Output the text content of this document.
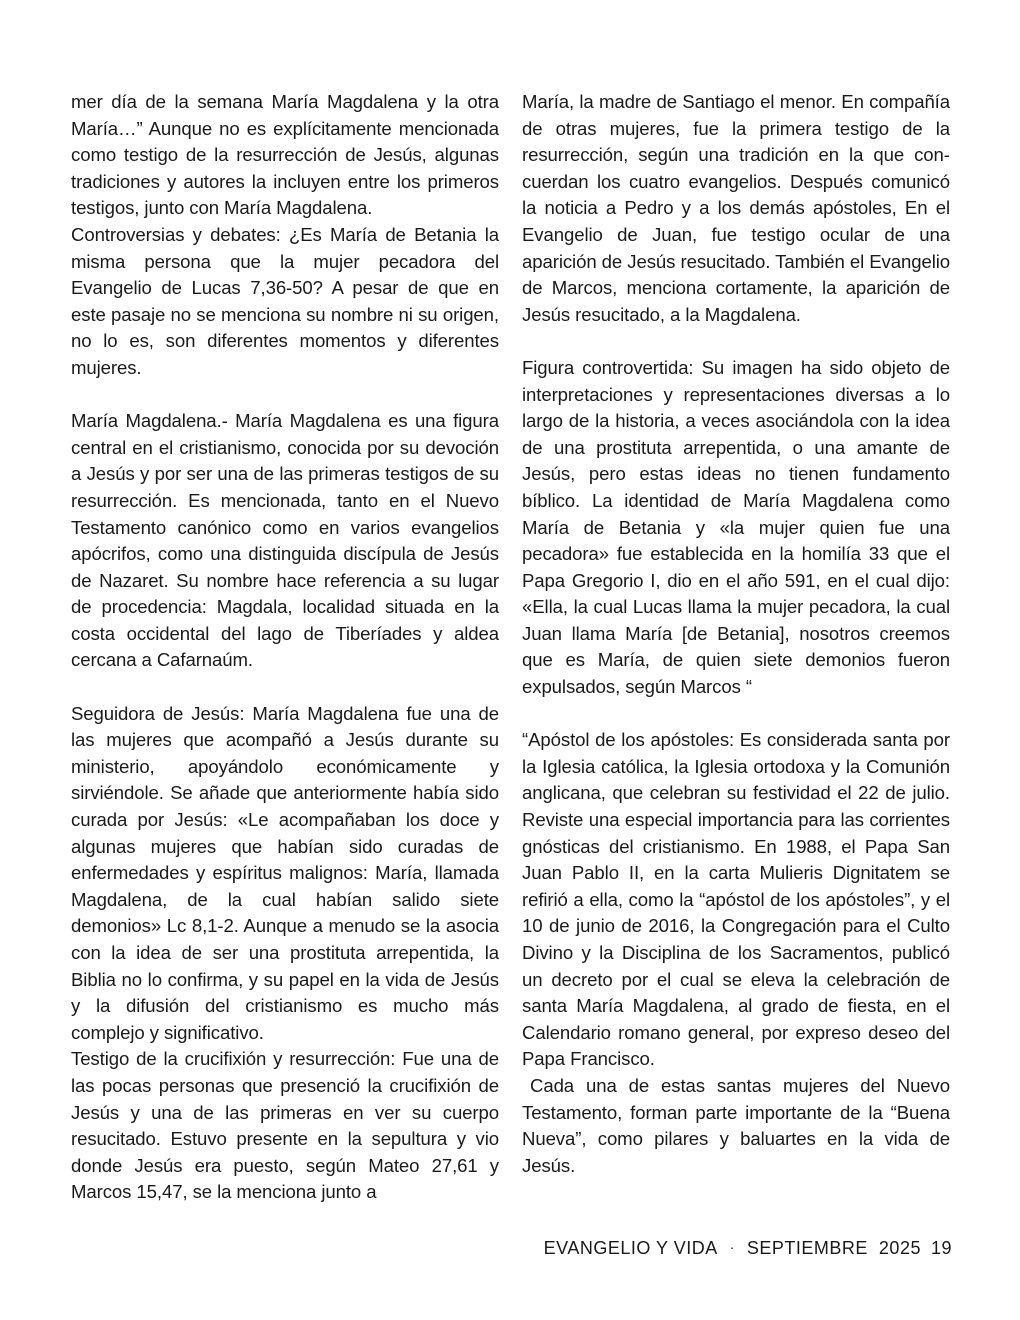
mer día de la semana María Magdalena y la otra María…” Aunque no es explícitamente mencionada como testigo de la resurrección de Jesús, algunas tradiciones y autores la incluyen entre los primeros testigos, junto con María Magdalena.

Controversias y debates: ¿Es María de Betania la misma persona que la mujer pecadora del Evangelio de Lucas 7,36-50? A pesar de que en este pasaje no se menciona su nombre ni su origen, no lo es, son diferentes momentos y diferentes mujeres.

María Magdalena.- María Magdalena es una figura central en el cristianismo, conocida por su devoción a Jesús y por ser una de las primeras testigos de su resurrección. Es mencionada, tanto en el Nuevo Testamento canónico como en varios evangelios apócrifos, como una distinguida discípula de Jesús de Nazaret. Su nombre hace referencia a su lugar de procedencia: Magdala, localidad situada en la costa occidental del lago de Tiberíades y aldea cercana a Cafarnaúm.

Seguidora de Jesús: María Magdalena fue una de las mujeres que acompañó a Jesús durante su ministerio, apoyándolo económicamente y sirviéndole. Se añade que anteriormente había sido curada por Jesús: «Le acompañaban los doce y algunas mujeres que habían sido curadas de enfermedades y espíritus malignos: María, llamada Magdalena, de la cual habían salido siete demonios» Lc 8,1-2. Aunque a menudo se la asocia con la idea de ser una prostituta arrepentida, la Biblia no lo confirma, y su papel en la vida de Jesús y la difusión del cristianismo es mucho más complejo y significativo.

Testigo de la crucifixión y resurrección: Fue una de las pocas personas que presenció la crucifixión de Jesús y una de las primeras en ver su cuerpo resucitado. Estuvo presente en la sepultura y vio donde Jesús era puesto, según Mateo 27,61 y Marcos 15,47, se la menciona junto a

María, la madre de Santiago el menor. En compañía de otras mujeres, fue la primera testigo de la resurrección, según una tradición en la que concuerdan los cuatro evangelios. Después comunicó la noticia a Pedro y a los demás apóstoles, En el Evangelio de Juan, fue testigo ocular de una aparición de Jesús resucitado. También el Evangelio de Marcos, menciona cortamente, la aparición de Jesús resucitado, a la Magdalena.

Figura controvertida: Su imagen ha sido objeto de interpretaciones y representaciones diversas a lo largo de la historia, a veces asociándola con la idea de una prostituta arrepentida, o una amante de Jesús, pero estas ideas no tienen fundamento bíblico. La identidad de María Magdalena como María de Betania y «la mujer quien fue una pecadora» fue establecida en la homilía 33 que el Papa Gregorio I, dio en el año 591, en el cual dijo: «Ella, la cual Lucas llama la mujer pecadora, la cual Juan llama María [de Betania], nosotros creemos que es María, de quien siete demonios fueron expulsados, según Marcos “

“Apóstol de los apóstoles: Es considerada santa por la Iglesia católica, la Iglesia ortodoxa y la Comunión anglicana, que celebran su festividad el 22 de julio. Reviste una especial importancia para las corrientes gnósticas del cristianismo. En 1988, el Papa San Juan Pablo II, en la carta Mulieris Dignitatem se refirió a ella, como la “apóstol de los apóstoles”, y el 10 de junio de 2016, la Congregación para el Culto Divino y la Disciplina de los Sacramentos, publicó un decreto por el cual se eleva la celebración de santa María Magdalena, al grado de fiesta, en el Calendario romano general, por expreso deseo del Papa Francisco.

Cada una de estas santas mujeres del Nuevo Testamento, forman parte importante de la “Buena Nueva”, como pilares y baluartes en la vida de Jesús.

EVANGELIO Y VIDA · SEPTIEMBRE  2025 19
